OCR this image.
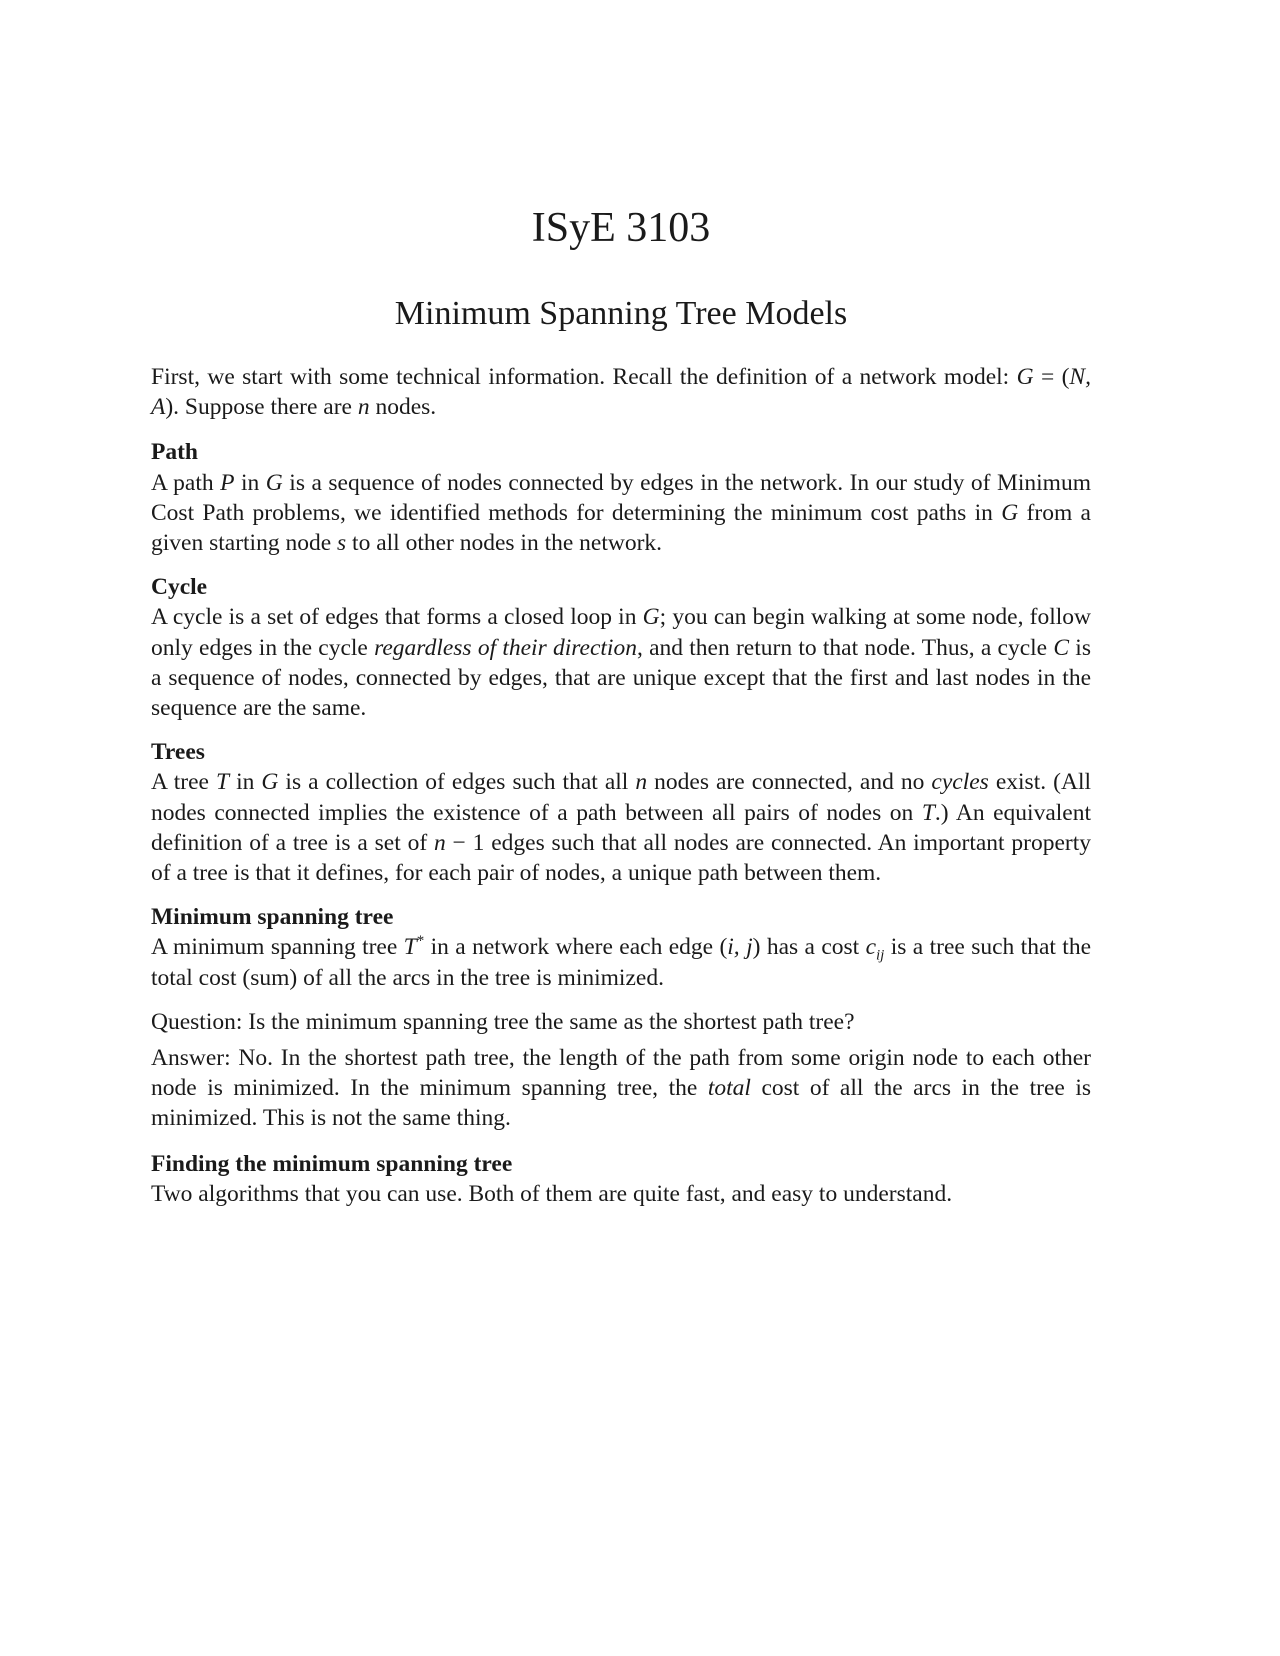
ISyE 3103
Minimum Spanning Tree Models

First, we start with some technical information. Recall the definition of a network model: G = (N, A). Suppose there are n nodes.

Path

A path P in G is a sequence of nodes connected by edges in the network. In our study of Minimum Cost Path problems, we identified methods for determining the minimum cost paths in G from a given starting node s to all other nodes in the network.

Cycle

A cycle is a set of edges that forms a closed loop in G; you can begin walking at some node, follow only edges in the cycle regardless of their direction, and then return to that node. Thus, a cycle C is a sequence of nodes, connected by edges, that are unique except that the first and last nodes in the sequence are the same.

Trees

A tree T in G is a collection of edges such that all n nodes are connected, and no cycles exist. (All nodes connected implies the existence of a path between all pairs of nodes on T.) An equivalent definition of a tree is a set of n − 1 edges such that all nodes are connected. An important property of a tree is that it defines, for each pair of nodes, a unique path between them.

Minimum spanning tree

A minimum spanning tree T* in a network where each edge (i, j) has a cost $c_{ij}$ is a tree such that the total cost (sum) of all the arcs in the tree is minimized.

Question: Is the minimum spanning tree the same as the shortest path tree?

Answer: No. In the shortest path tree, the length of the path from some origin node to each other node is minimized. In the minimum spanning tree, the total cost of all the arcs in the tree is minimized. This is not the same thing.

Finding the minimum spanning tree

Two algorithms that you can use. Both of them are quite fast, and easy to understand.
